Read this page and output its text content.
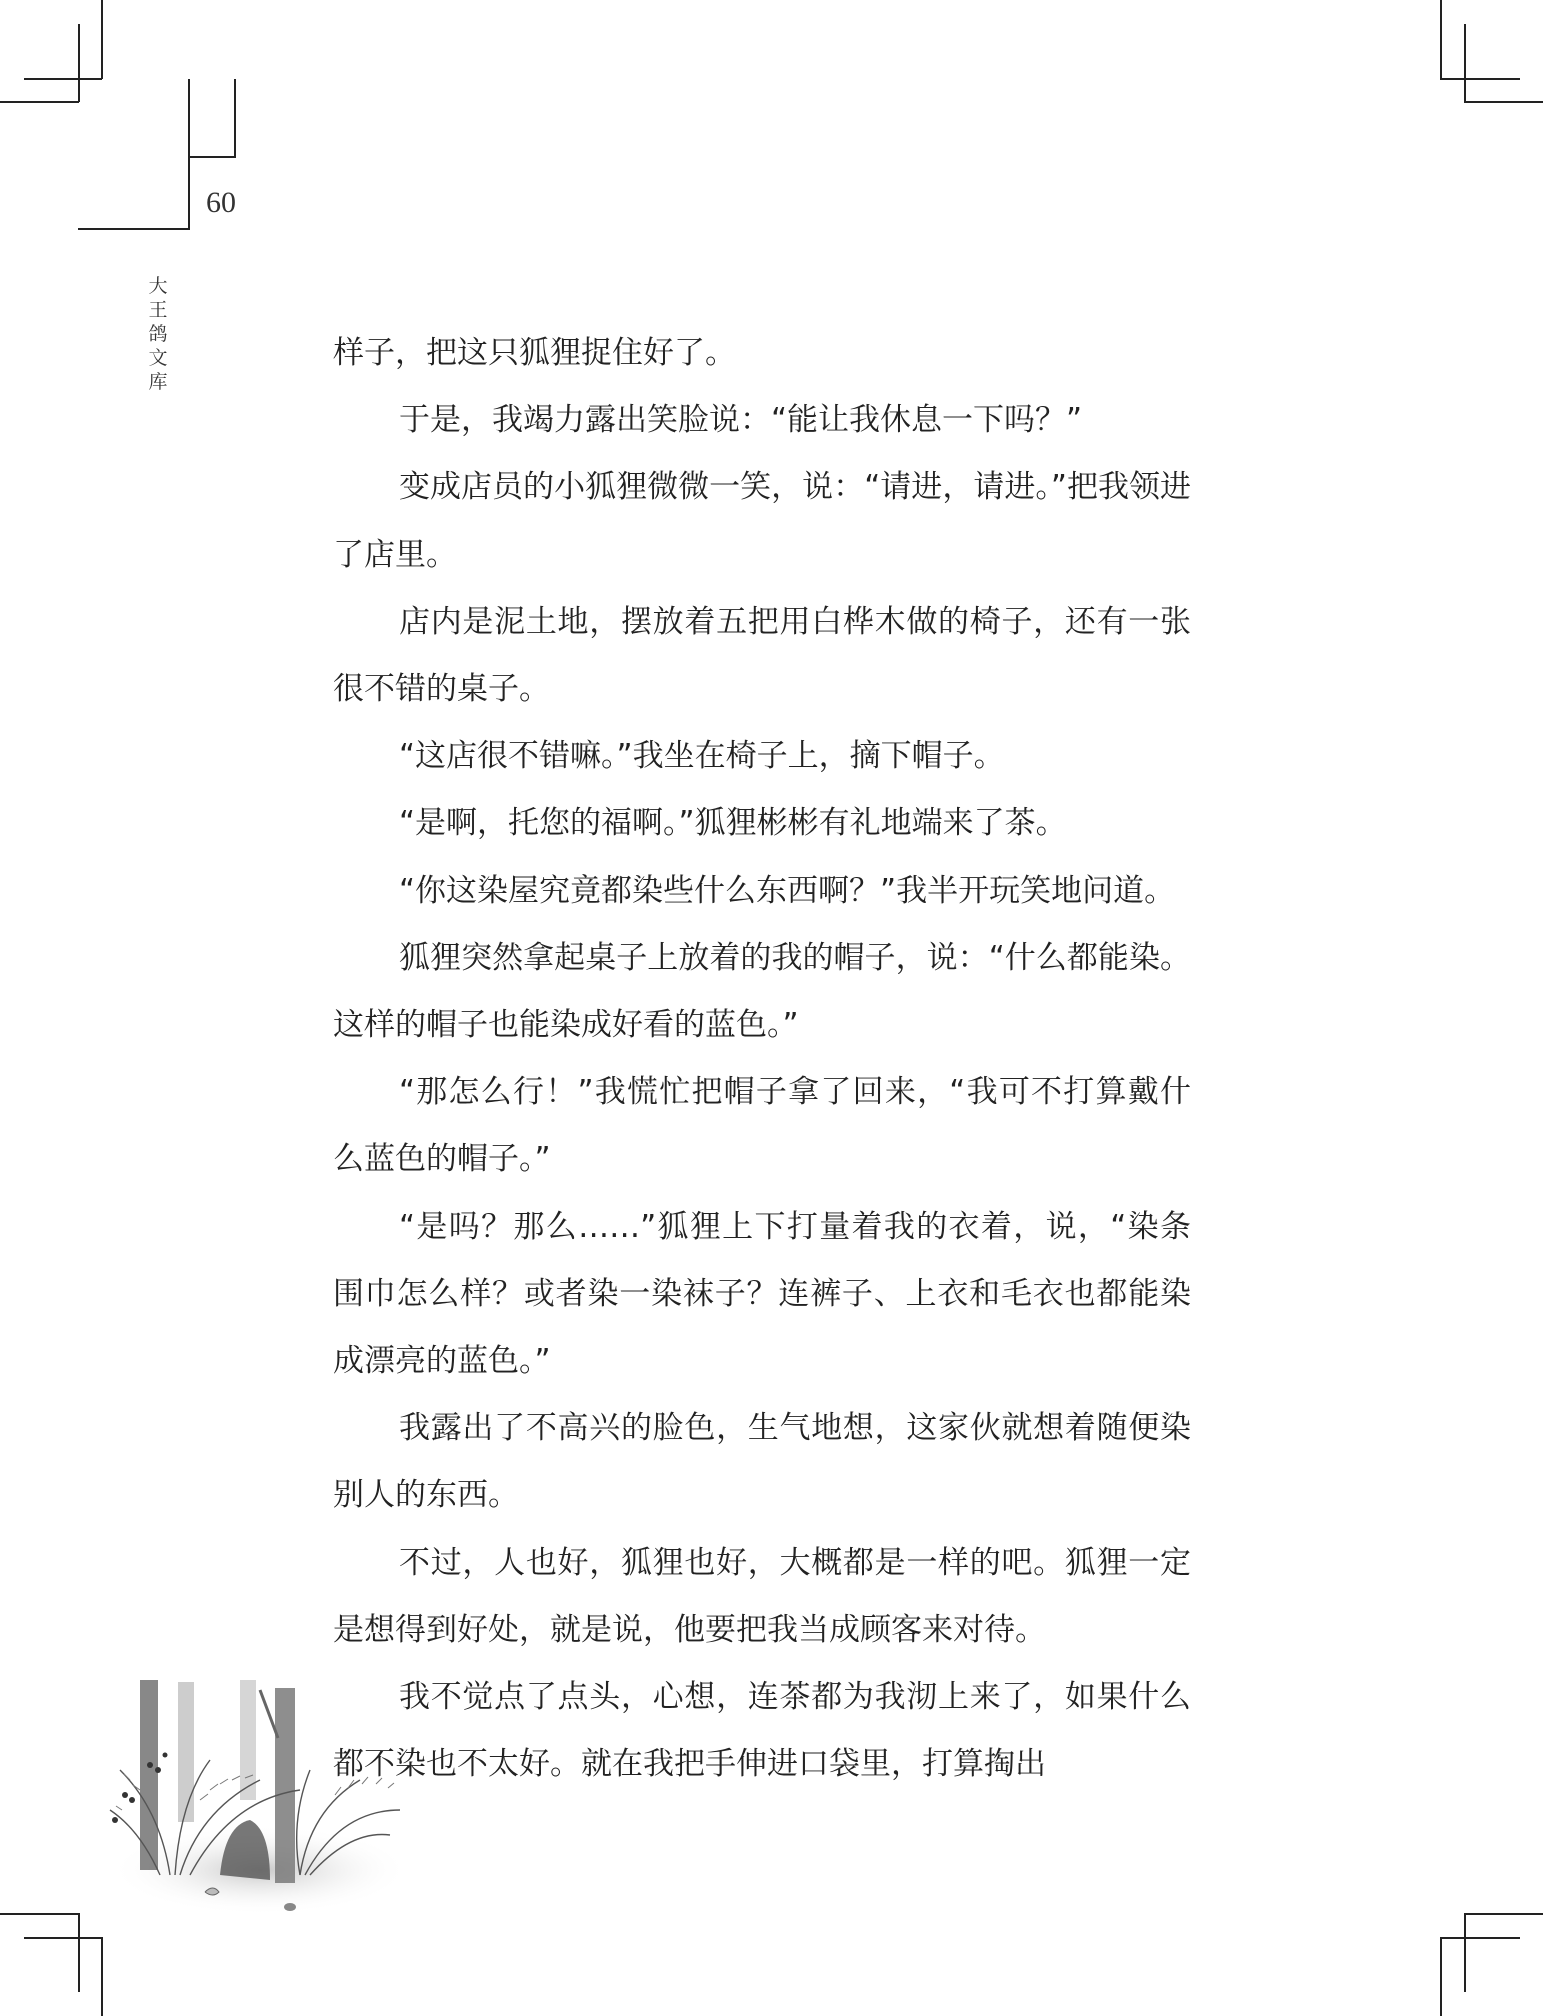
60
大王鸽文库

样子，把这只狐狸捉住好了。

于是，我竭力露出笑脸说：“能让我休息一下吗？”

变成店员的小狐狸微微一笑，说：“请进，请进。”把我领进了店里。

店内是泥土地，摆放着五把用白桦木做的椅子，还有一张很不错的桌子。

“这店很不错嘛。”我坐在椅子上，摘下帽子。

“是啊，托您的福啊。”狐狸彬彬有礼地端来了茶。

“你这染屋究竟都染些什么东西啊？”我半开玩笑地问道。

狐狸突然拿起桌子上放着的我的帽子，说：“什么都能染。这样的帽子也能染成好看的蓝色。”

“那怎么行！”我慌忙把帽子拿了回来，“我可不打算戴什么蓝色的帽子。”

“是吗？那么……”狐狸上下打量着我的衣着，说，“染条围巾怎么样？或者染一染袜子？连裤子、上衣和毛衣也都能染成漂亮的蓝色。”

我露出了不高兴的脸色，生气地想，这家伙就想着随便染别人的东西。

不过，人也好，狐狸也好，大概都是一样的吧。狐狸一定是想得到好处，就是说，他要把我当成顾客来对待。

我不觉点了点头，心想，连茶都为我沏上来了，如果什么都不染也不太好。就在我把手伸进口袋里，打算掏出
